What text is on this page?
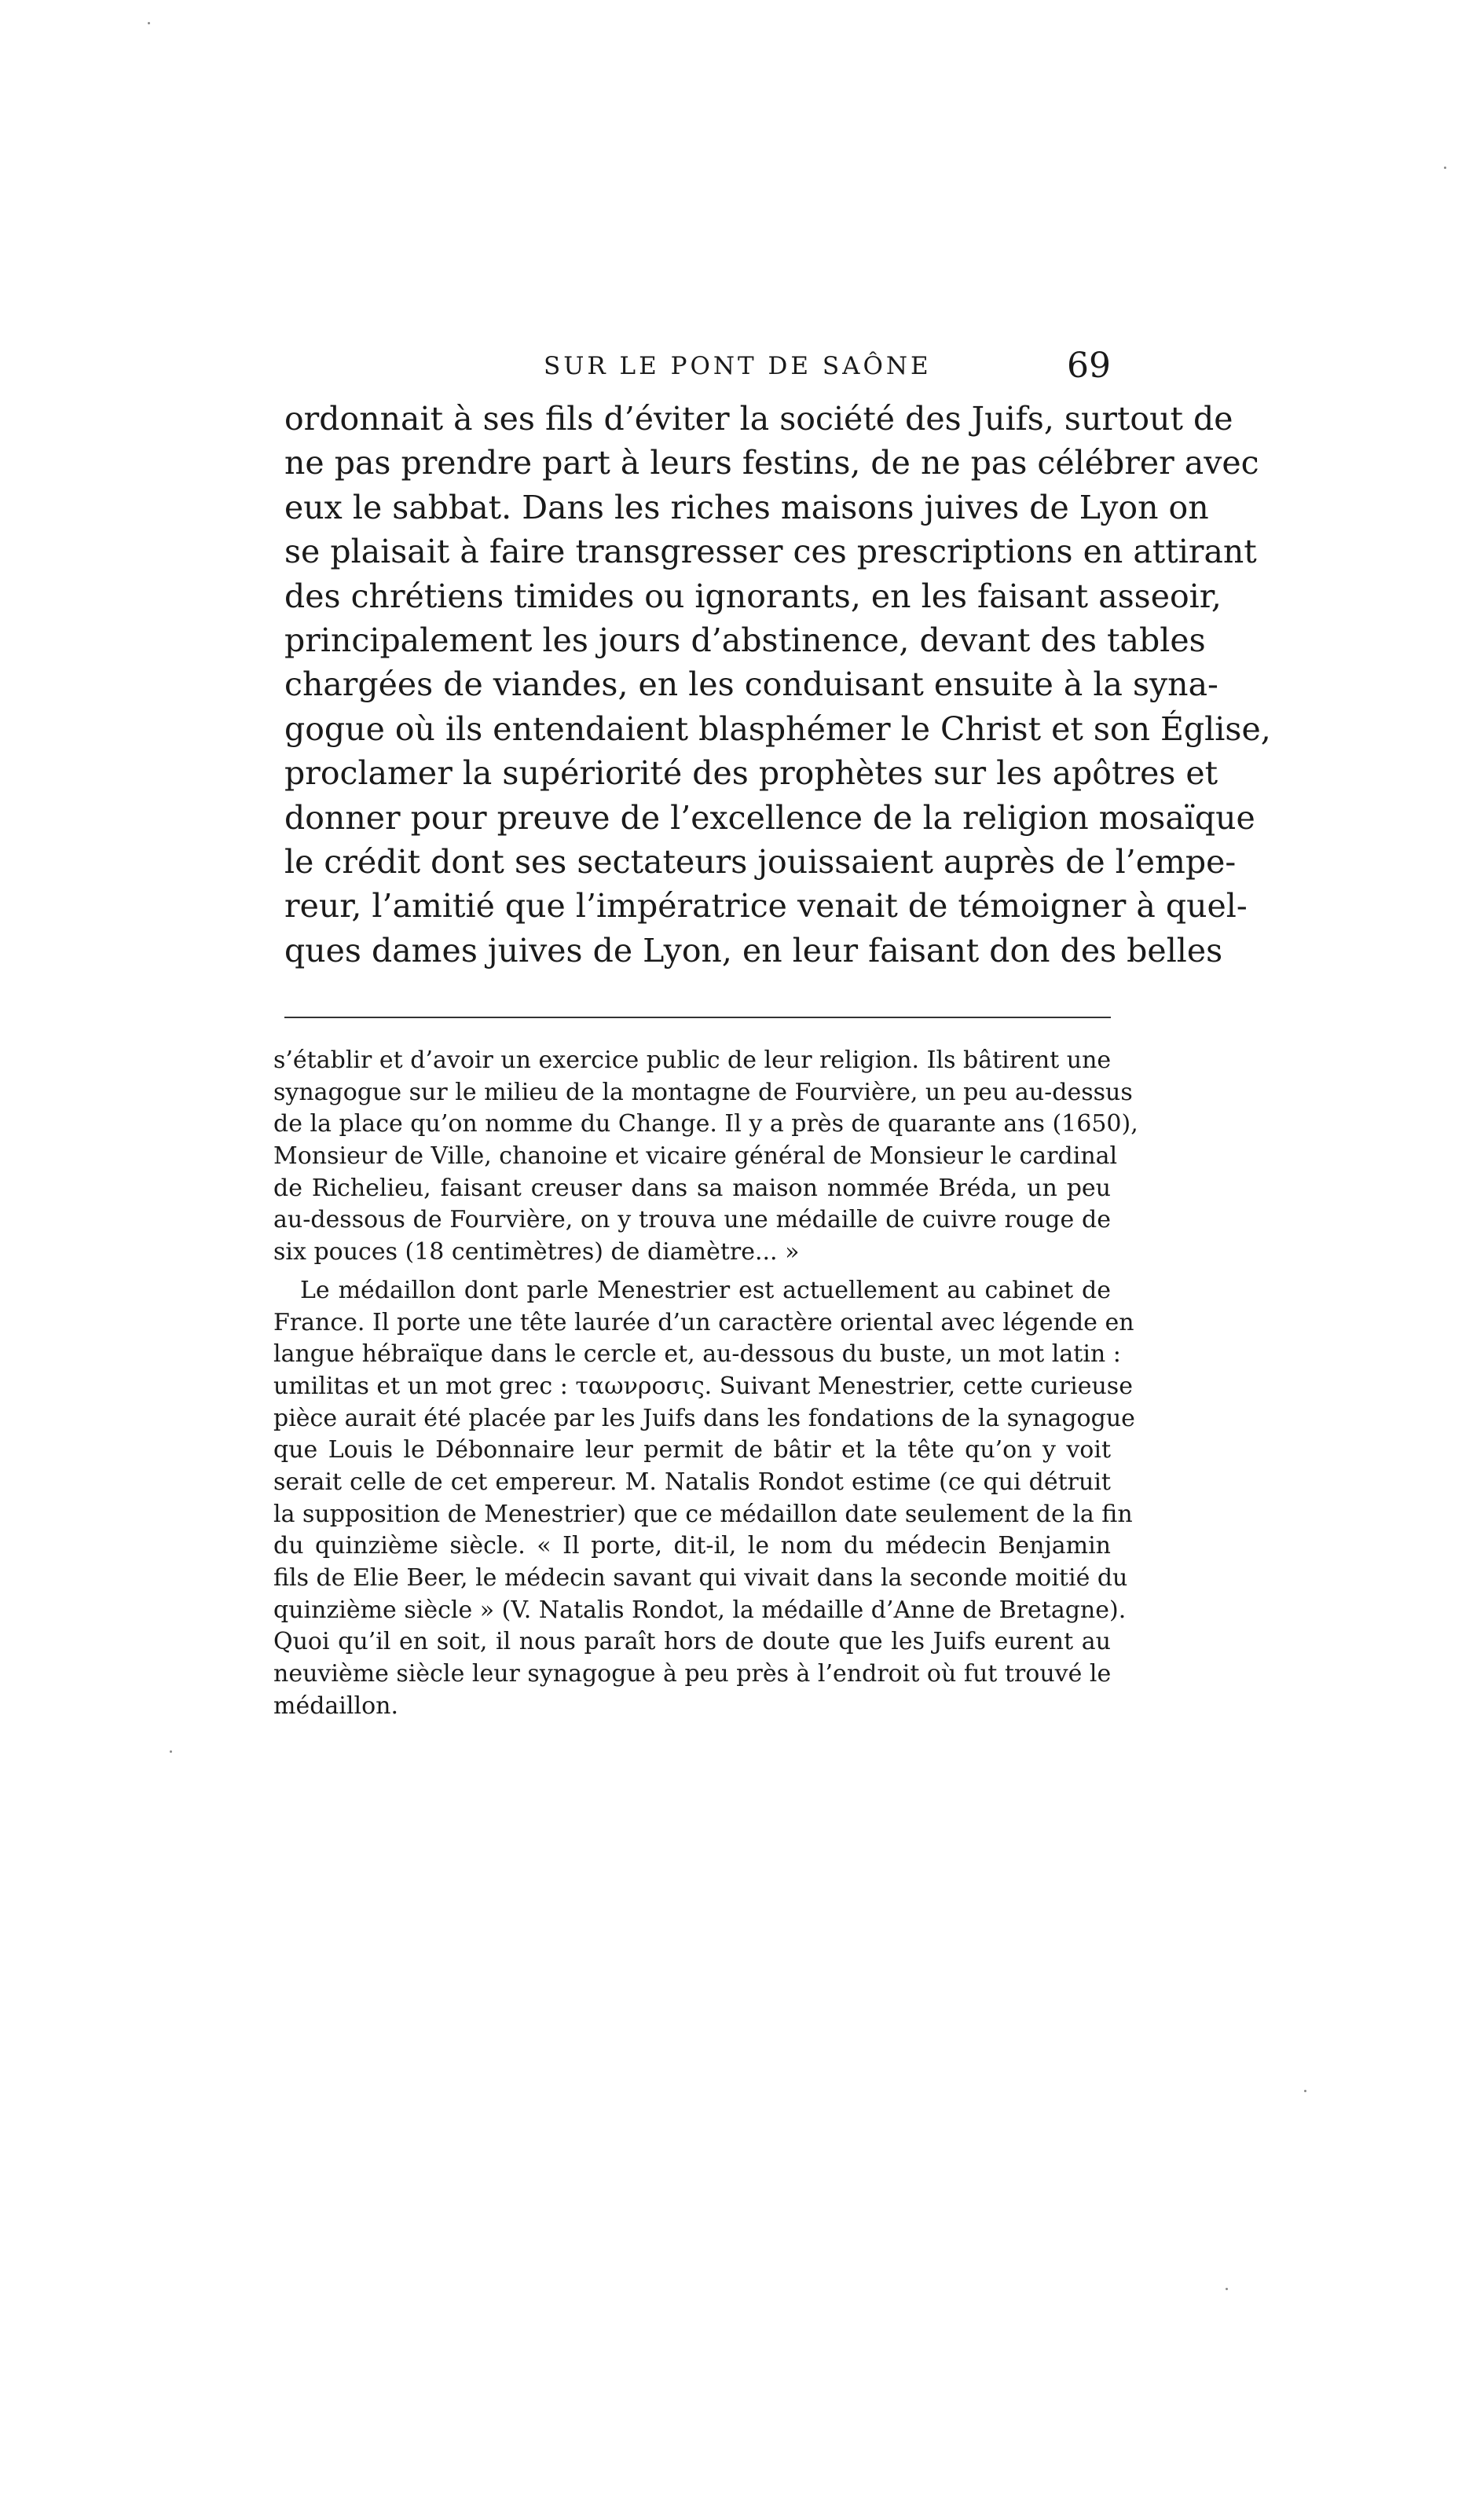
SUR LE PONT DE SAÔNE	69
ordonnait à ses fils d’éviter la société des Juifs, surtout de
ne pas prendre part à leurs festins, de ne pas célébrer avec
eux le sabbat. Dans les riches maisons juives de Lyon on
se plaisait à faire transgresser ces prescriptions en attirant
des chrétiens timides ou ignorants, en les faisant asseoir,
principalement les jours d’abstinence, devant des tables
chargées de viandes, en les conduisant ensuite à la syna-
gogue où ils entendaient blasphémer le Christ et son Église,
proclamer la supériorité des prophètes sur les apôtres et
donner pour preuve de l’excellence de la religion mosaïque
le crédit dont ses sectateurs jouissaient auprès de l’empe-
reur, l’amitié que l’impératrice venait de témoigner à quel-
ques dames juives de Lyon, en leur faisant don des belles
s’établir et d’avoir un exercice public de leur religion. Ils bâtirent une
synagogue sur le milieu de la montagne de Fourvière, un peu au-dessus
de la place qu’on nomme du Change. Il y a près de quarante ans (1650),
Monsieur de Ville, chanoine et vicaire général de Monsieur le cardinal
de Richelieu, faisant creuser dans sa maison nommée Bréda, un peu
au-dessous de Fourvière, on y trouva une médaille de cuivre rouge de
six pouces (18 centimètres) de diamètre... »
Le médaillon dont parle Menestrier est actuellement au cabinet de
France. Il porte une tête laurée d’un caractère oriental avec légende en
langue hébraïque dans le cercle et, au-dessous du buste, un mot latin :
umilitas et un mot grec : ταωνροσις. Suivant Menestrier, cette curieuse
pièce aurait été placée par les Juifs dans les fondations de la synagogue
que Louis le Débonnaire leur permit de bâtir et la tête qu’on y voit
serait celle de cet empereur. M. Natalis Rondot estime (ce qui détruit
la supposition de Menestrier) que ce médaillon date seulement de la fin
du quinzième siècle. « Il porte, dit-il, le nom du médecin Benjamin
fils de Elie Beer, le médecin savant qui vivait dans la seconde moitié du
quinzième siècle » (V. Natalis Rondot, la médaille d’Anne de Bretagne).
Quoi qu’il en soit, il nous paraît hors de doute que les Juifs eurent au
neuvième siècle leur synagogue à peu près à l’endroit où fut trouvé le
médaillon.
